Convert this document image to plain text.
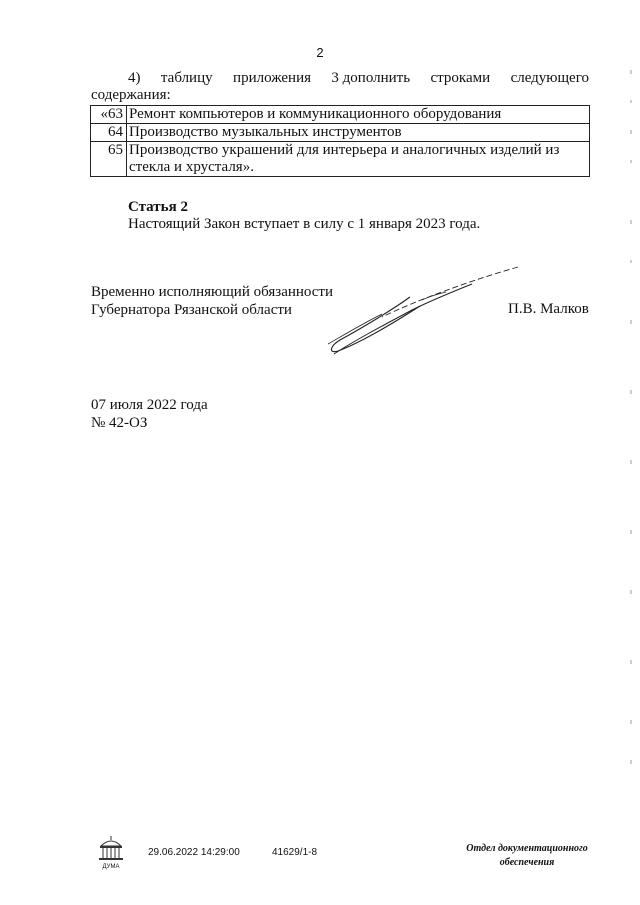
2
4) таблицу приложения 3 дополнить строками следующего
содержания:
«63	Ремонт компьютеров и коммуникационного оборудования
64	Производство музыкальных инструментов
65	Производство украшений для интерьера и аналогичных изделий из стекла и хрусталя».
Статья 2
Настоящий Закон вступает в силу с 1 января 2023 года.
Временно исполняющий обязанности
Губернатора Рязанской области	П.В. Малков
07 июля 2022 года
№ 42-ОЗ
ДУМА
29.06.2022 14:29:00	41629/1-8	Отдел документационного
обеспечения
